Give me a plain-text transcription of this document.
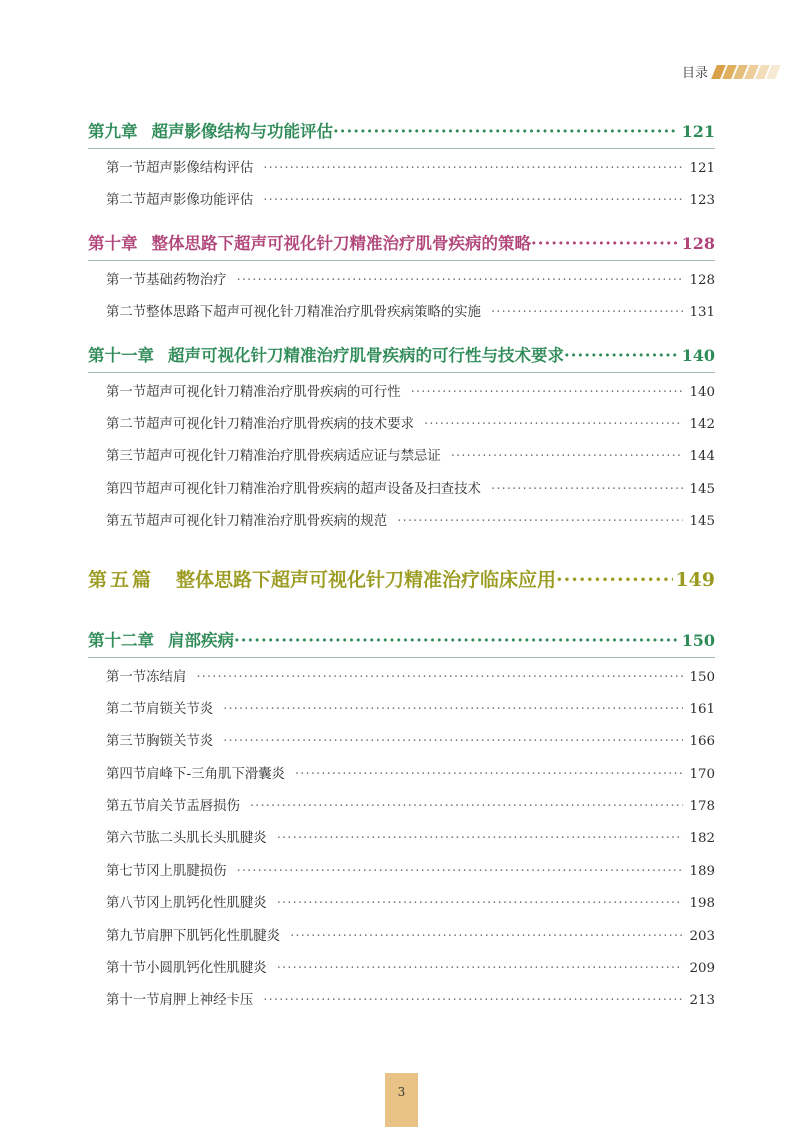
目录
第九章 超声影像结构与功能评估 ·····	121
第一节 超声影像结构评估 ·····	121
第二节 超声影像功能评估 ·····	123
第十章 整体思路下超声可视化针刀精准治疗肌骨疾病的策略 ·····	128
第一节 基础药物治疗 ·····	128
第二节 整体思路下超声可视化针刀精准治疗肌骨疾病策略的实施 ·····	131
第十一章 超声可视化针刀精准治疗肌骨疾病的可行性与技术要求 ·····	140
第一节 超声可视化针刀精准治疗肌骨疾病的可行性 ·····	140
第二节 超声可视化针刀精准治疗肌骨疾病的技术要求 ·····	142
第三节 超声可视化针刀精准治疗肌骨疾病适应证与禁忌证 ·····	144
第四节 超声可视化针刀精准治疗肌骨疾病的超声设备及扫查技术 ·····	145
第五节 超声可视化针刀精准治疗肌骨疾病的规范 ·····	145
第五篇 整体思路下超声可视化针刀精准治疗临床应用 ·····	149
第十二章 肩部疾病 ·····	150
第一节 冻结肩 ·····	150
第二节 肩锁关节炎 ·····	161
第三节 胸锁关节炎 ·····	166
第四节 肩峰下-三角肌下滑囊炎 ·····	170
第五节 肩关节盂唇损伤 ·····	178
第六节 肱二头肌长头肌腱炎 ·····	182
第七节 冈上肌腱损伤 ·····	189
第八节 冈上肌钙化性肌腱炎 ·····	198
第九节 肩胛下肌钙化性肌腱炎 ·····	203
第十节 小圆肌钙化性肌腱炎 ·····	209
第十一节 肩胛上神经卡压 ·····	213
3
